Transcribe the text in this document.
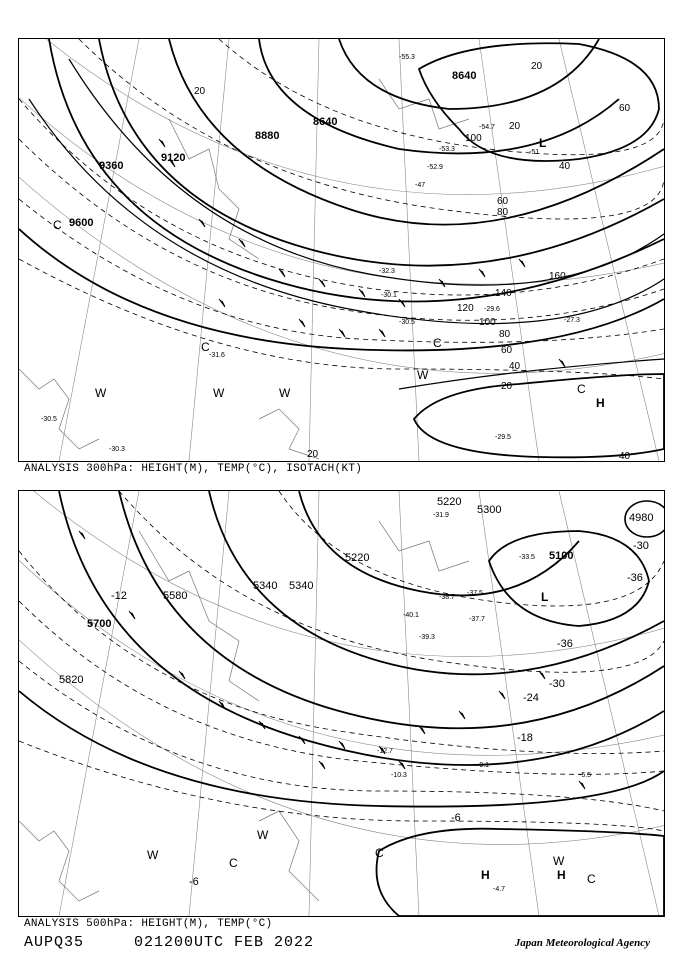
9360
9600
9120
8880
8640
8640
20
40
60
80
100
120
140
160
100
80
60
40
20
20
20	40
60
20
-30.5
-31.6
-27.3
-30.1
-32.3
-29.5
-30.3
-51
-54.7
-53.3
-47
-52.9
-55.3
-30.5
-29.6
L
H
C
C
C
W	W	W
W
C
ANALYSIS 300hPa: HEIGHT(M), TEMP(°C), ISOTACH(KT)
5700
5820
5580
5340
5220
5100
4980
5340
5220
5300
-12
-18
-24
-30
-36
-30
-6
-6
-36
-12.7
-10.3
-9.1
-5.5
-4.7
-38.7
-39.3
-37.7
-40.1
-33.5
-31.9
-37.5	L
H	H
C
C
W
W	W
C
ANALYSIS 500hPa: HEIGHT(M), TEMP(°C)
AUPQ35	021200UTC FEB 2022	Japan Meteorological Agency
